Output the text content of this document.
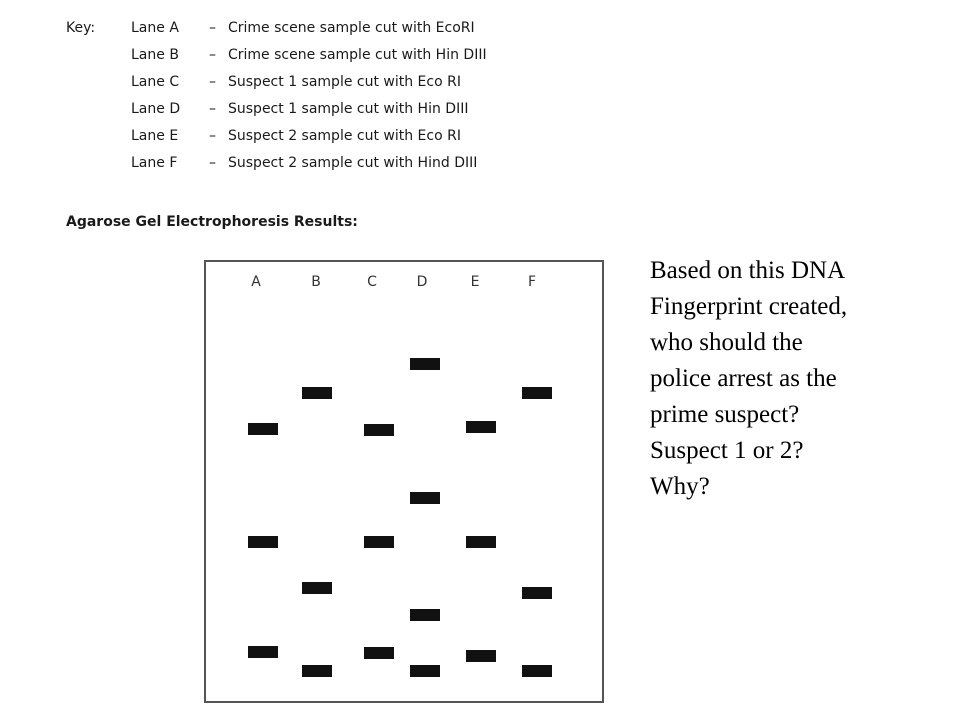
Key:	Lane A – Crime scene sample cut with EcoRI
Lane B – Crime scene sample cut with Hin DIII
Lane C – Suspect 1 sample cut with Eco RI
Lane D – Suspect 1 sample cut with Hin DIII
Lane E – Suspect 2 sample cut with Eco RI
Lane F – Suspect 2 sample cut with Hind DIII
Agarose Gel Electrophoresis Results:
A	B	C	D	E	F	Based on this DNA
Fingerprint created,
who should the
police arrest as the
prime suspect?
Suspect 1 or 2?
Why?
